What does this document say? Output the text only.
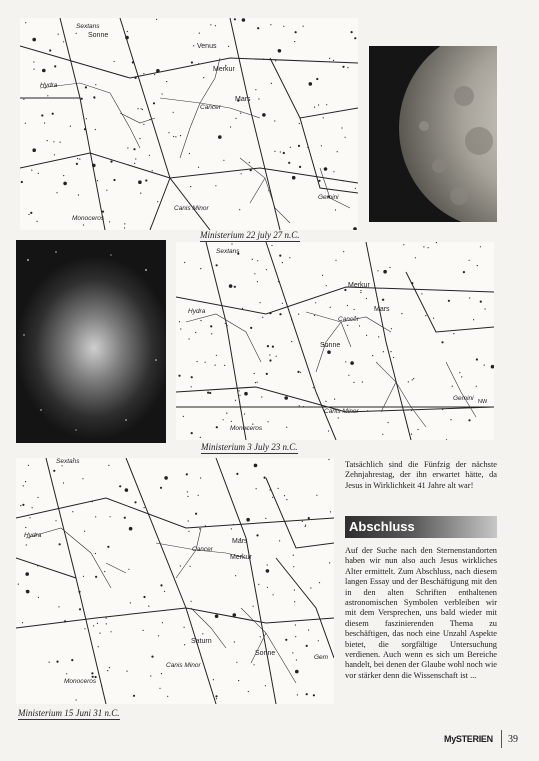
Sextans
Sonne
Venus
Merkur
Mars
Cancer
Hydra
Gemini
Canis Minor
Monoceros
Ministerium 22 july 27 n.C.
Sextans
Merkur
Mars
Cancer
Sonne
Hydra
Gemini NW
Canis Minor
Monoceros
Ministerium 3 July 23 n.C.
Tatsächlich sind die Fünfzig der nächste Zehnjahrestag, der ihn erwartet hätte, da Jesus in Wirklichkeit 41 Jahre alt war!
Sextans
Hydra
Cancer
Mars
Merkur
Saturn
Sonne
Canis Minor
Gem
Monoceros
Ministerium 15 Juni 31 n.C.
Abschluss
Auf der Suche nach den Sternenstandorten haben wir nun also auch Jesus wirkliches Alter ermittelt. Zum Abschluss, nach diesem langen Essay und der Beschäftigung mit den in den alten Schriften enthaltenen astronomischen Symbolen verbleiben wir mit dem Versprechen, uns bald wieder mit diesem faszinierenden Thema zu beschäftigen, das noch eine Unzahl Aspekte bietet, die sorgfältige Untersuchung verdienen. Auch wenn es sich um Bereiche handelt, bei denen der Glaube wohl noch wie vor stärker denn die Wissenschaft ist ...
MySTERIEN 39
